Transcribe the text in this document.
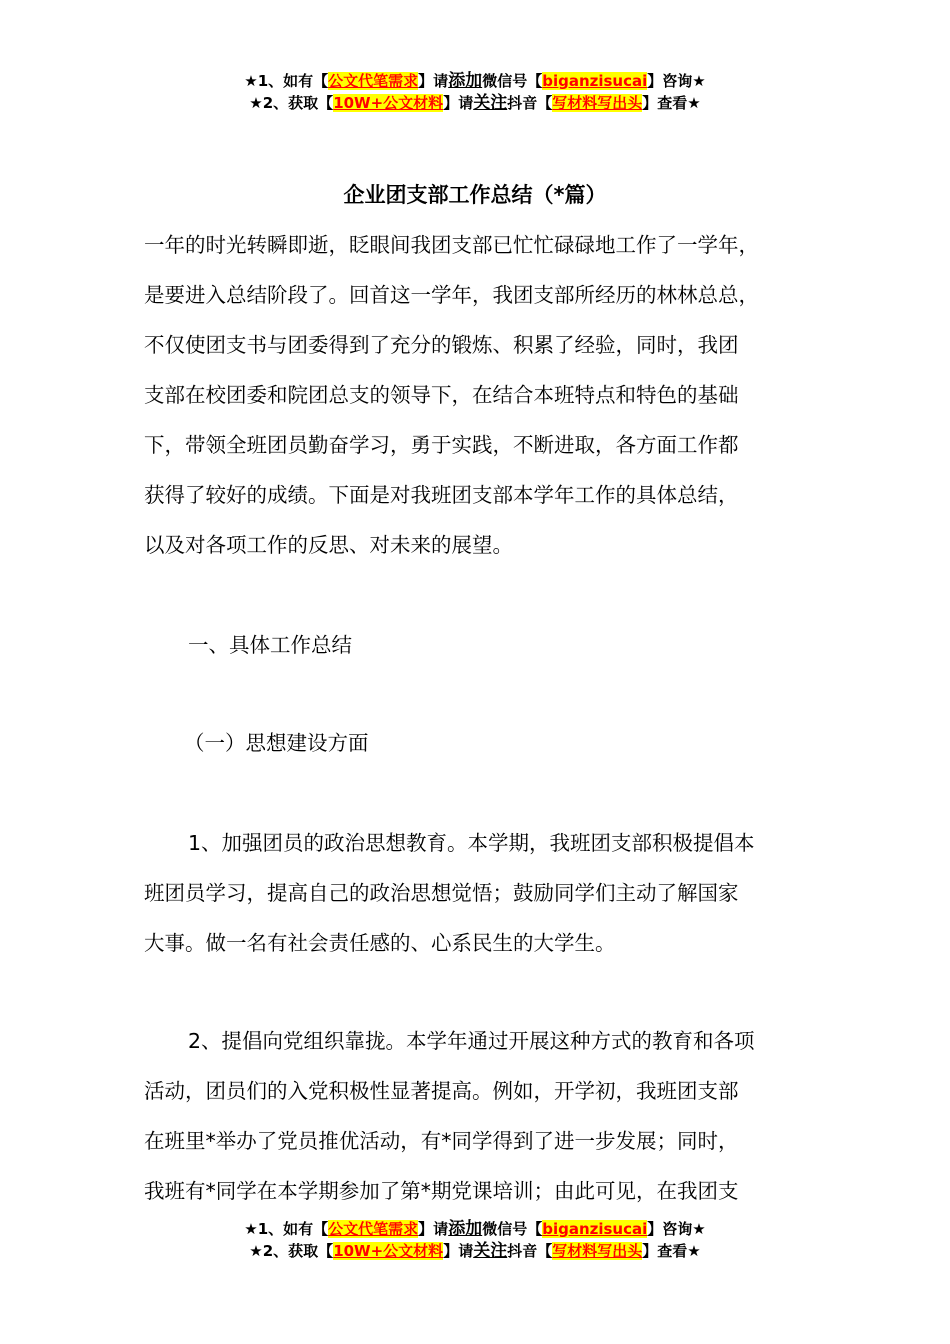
★1、如有【公文代笔需求】请添加微信号【biganzisucai】咨询★
★2、获取【10W+公文材料】请关注抖音【写材料写出头】查看★
企业团支部工作总结（*篇）

一年的时光转瞬即逝，眨眼间我团支部已忙忙碌碌地工作了一学年，

是要进入总结阶段了。回首这一学年，我团支部所经历的林林总总，

不仅使团支书与团委得到了充分的锻炼、积累了经验，同时，我团

支部在校团委和院团总支的领导下，在结合本班特点和特色的基础

下，带领全班团员勤奋学习，勇于实践，不断进取，各方面工作都

获得了较好的成绩。下面是对我班团支部本学年工作的具体总结，

以及对各项工作的反思、对未来的展望。

一、具体工作总结

（一）思想建设方面

1、加强团员的政治思想教育。本学期，我班团支部积极提倡本

班团员学习，提高自己的政治思想觉悟；鼓励同学们主动了解国家

大事。做一名有社会责任感的、心系民生的大学生。

2、提倡向党组织靠拢。本学年通过开展这种方式的教育和各项

活动，团员们的入党积极性显著提高。例如，开学初，我班团支部

在班里*举办了党员推优活动，有*同学得到了进一步发展；同时，

我班有*同学在本学期参加了第*期党课培训；由此可见，在我团支

★1、如有【公文代笔需求】请添加微信号【biganzisucai】咨询★
★2、获取【10W+公文材料】请关注抖音【写材料写出头】查看★
